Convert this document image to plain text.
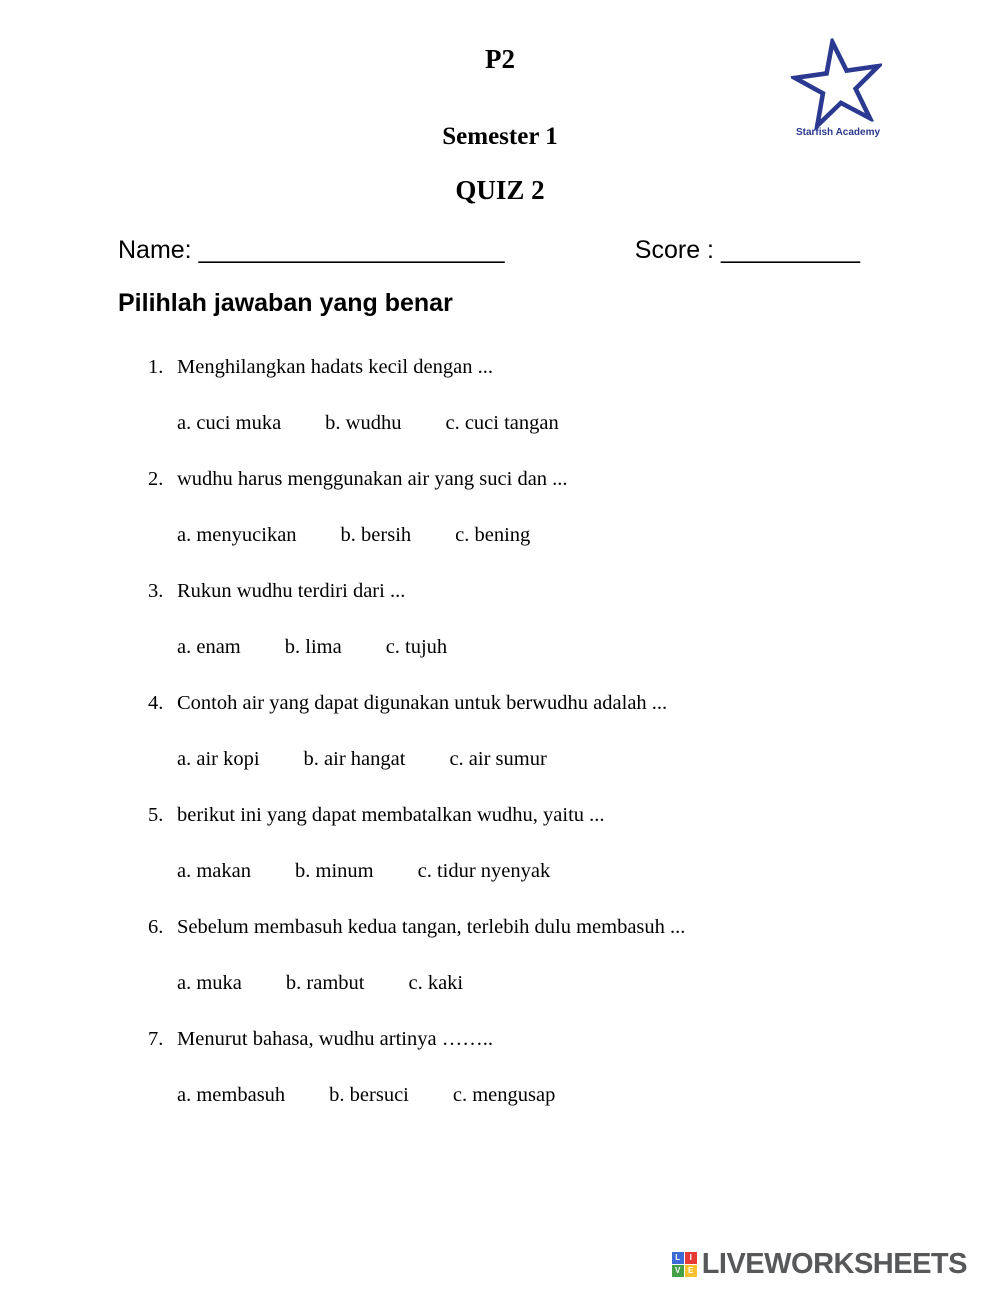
Starfish Academy
P2
Semester 1
QUIZ 2
Name: ______________________	Score : __________
Pilihlah jawaban yang benar
1. Menghilangkan hadats kecil dengan ...
a. cuci muka b. wudhu c. cuci tangan
2. wudhu harus menggunakan air yang suci dan ...
a. menyucikan b. bersih c. bening
3. Rukun wudhu terdiri dari ...
a. enam b. lima c. tujuh
4. Contoh air yang dapat digunakan untuk berwudhu adalah ...
a. air kopi b. air hangat c. air sumur
5. berikut ini yang dapat membatalkan wudhu, yaitu ...
a. makan b. minum c. tidur nyenyak
6. Sebelum membasuh kedua tangan, terlebih dulu membasuh ...
a. muka b. rambut c. kaki
7. Menurut bahasa, wudhu artinya ……..
a. membasuh b. bersuci c. mengusap
L	I
V E LIVEWORKSHEETS
